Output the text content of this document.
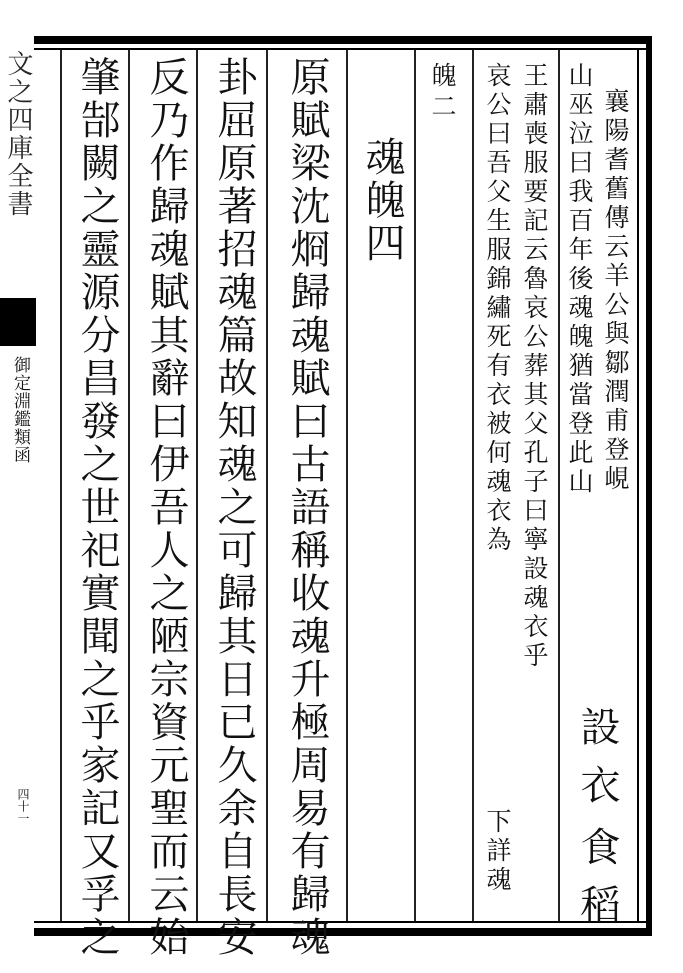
文之四庫全書
御定淵鑑類函
四十一	設衣
食稻
襄陽耆舊傳云羊公與鄒潤甫登峴
山巫泣曰我百年後魂魄猶當登此山
王肅喪服要記云魯哀公葬其父孔子曰寧設魂衣乎
哀公曰吾父生服錦繡死有衣被何魂衣為
下詳魂
魄二
魂魄四
原賦梁沈烱歸魂賦曰古語稱收魂升極周易有歸魂
卦屈原著招魂篇故知魂之可歸其日已久余自長安
反乃作歸魂賦其辭曰伊吾人之陋宗資元聖而云始
肇郜闕之靈源分昌發之世祀實聞之乎家記又孚之
